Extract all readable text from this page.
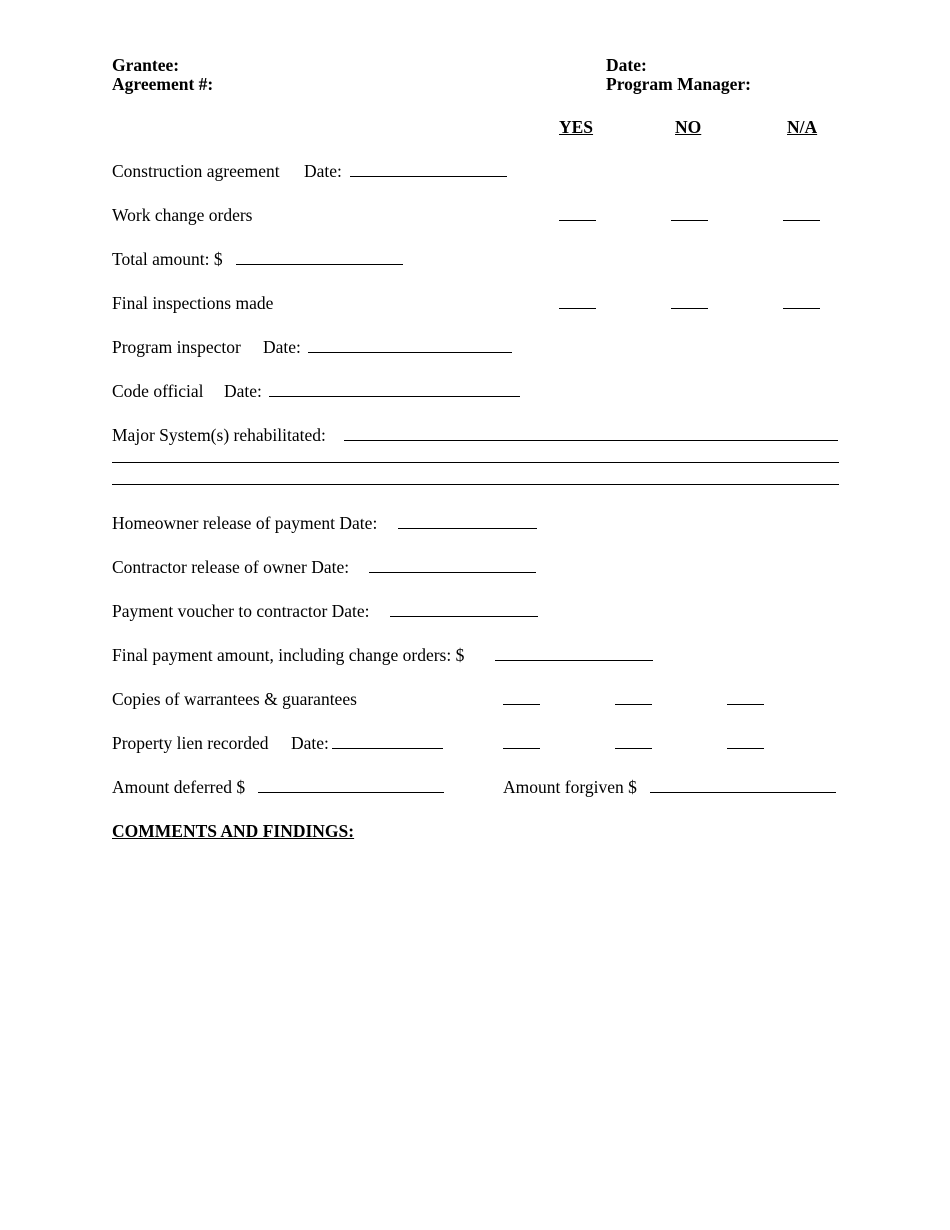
Grantee:
Agreement #:
Date:
Program Manager:
YES	NO	N/A
Construction agreement Date:
Work change orders
Total amount: $
Final inspections made
Program inspector Date:
Code official Date:
Major System(s) rehabilitated:
Homeowner release of payment Date:
Contractor release of owner Date:
Payment voucher to contractor Date:
Final payment amount, including change orders: $
Copies of warrantees & guarantees
Property lien recorded Date:
Amount deferred $	Amount forgiven $
COMMENTS AND FINDINGS:
